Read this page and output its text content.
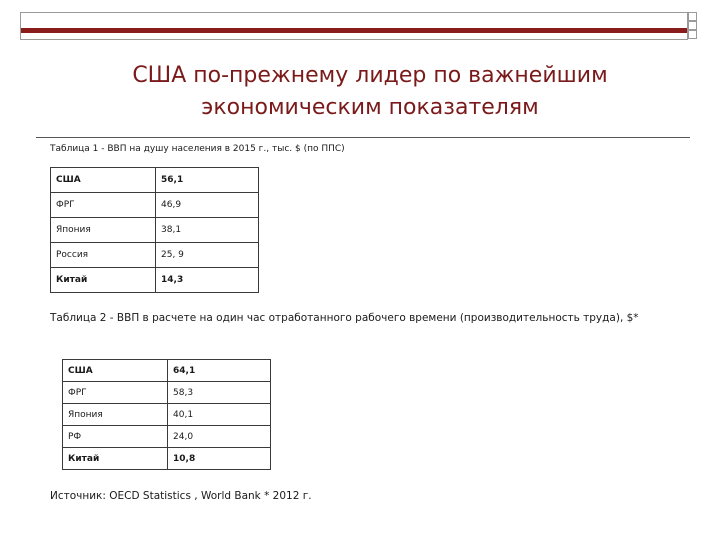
США по-прежнему лидер по важнейшим
экономическим показателям
Таблица 1 - ВВП на душу населения в 2015 г., тыс. $ (по ППС)
США	56,1
ФРГ	46,9
Япония	38,1
Россия	25, 9
Китай	14,3
Таблица 2 - ВВП в расчете на один час отработанного рабочего времени (производительность труда), $*
США	64,1
ФРГ	58,3
Япония	40,1
РФ	24,0
Китай	10,8
Источник: OECD Statistics , World Bank * 2012 г.
